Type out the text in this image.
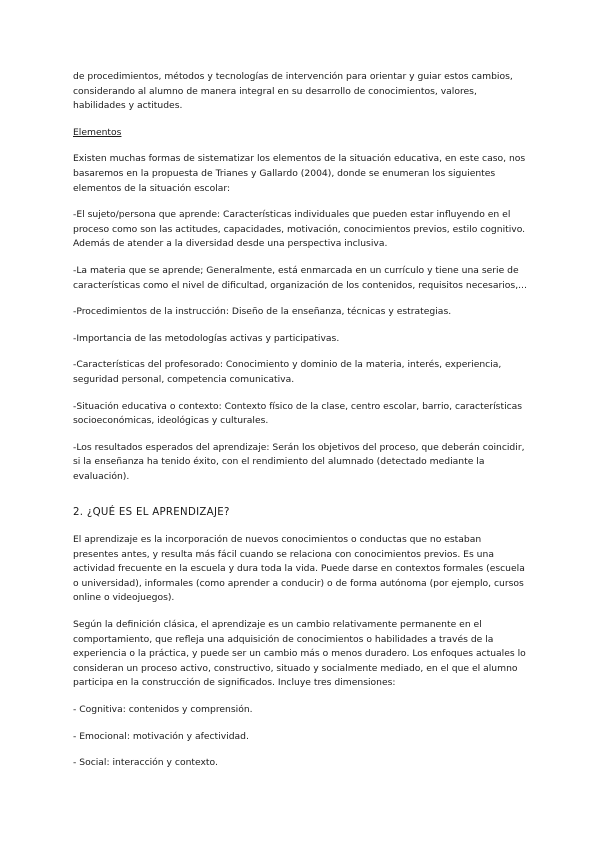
de procedimientos, métodos y tecnologías de intervención para orientar y guiar estos cambios, considerando al alumno de manera integral en su desarrollo de conocimientos, valores, habilidades y actitudes.

Elementos

Existen muchas formas de sistematizar los elementos de la situación educativa, en este caso, nos basaremos en la propuesta de Trianes y Gallardo (2004), donde se enumeran los siguientes elementos de la situación escolar:

-El sujeto/persona que aprende: Características individuales que pueden estar influyendo en el proceso como son las actitudes, capacidades, motivación, conocimientos previos, estilo cognitivo. Además de atender a la diversidad desde una perspectiva inclusiva.

-La materia que se aprende; Generalmente, está enmarcada en un currículo y tiene una serie de características como el nivel de dificultad, organización de los contenidos, requisitos necesarios,...

-Procedimientos de la instrucción: Diseño de la enseñanza, técnicas y estrategias.

-Importancia de las metodologías activas y participativas.

-Características del profesorado: Conocimiento y dominio de la materia, interés, experiencia, seguridad personal, competencia comunicativa.

-Situación educativa o contexto: Contexto físico de la clase, centro escolar, barrio, características socioeconómicas, ideológicas y culturales.

-Los resultados esperados del aprendizaje: Serán los objetivos del proceso, que deberán coincidir, si la enseñanza ha tenido éxito, con el rendimiento del alumnado (detectado mediante la evaluación).

2. ¿QUÉ ES EL APRENDIZAJE?

El aprendizaje es la incorporación de nuevos conocimientos o conductas que no estaban presentes antes, y resulta más fácil cuando se relaciona con conocimientos previos. Es una actividad frecuente en la escuela y dura toda la vida. Puede darse en contextos formales (escuela o universidad), informales (como aprender a conducir) o de forma autónoma (por ejemplo, cursos online o videojuegos).

Según la definición clásica, el aprendizaje es un cambio relativamente permanente en el comportamiento, que refleja una adquisición de conocimientos o habilidades a través de la experiencia o la práctica, y puede ser un cambio más o menos duradero. Los enfoques actuales lo consideran un proceso activo, constructivo, situado y socialmente mediado, en el que el alumno participa en la construcción de significados. Incluye tres dimensiones:

- Cognitiva: contenidos y comprensión.

- Emocional: motivación y afectividad.

- Social: interacción y contexto.
